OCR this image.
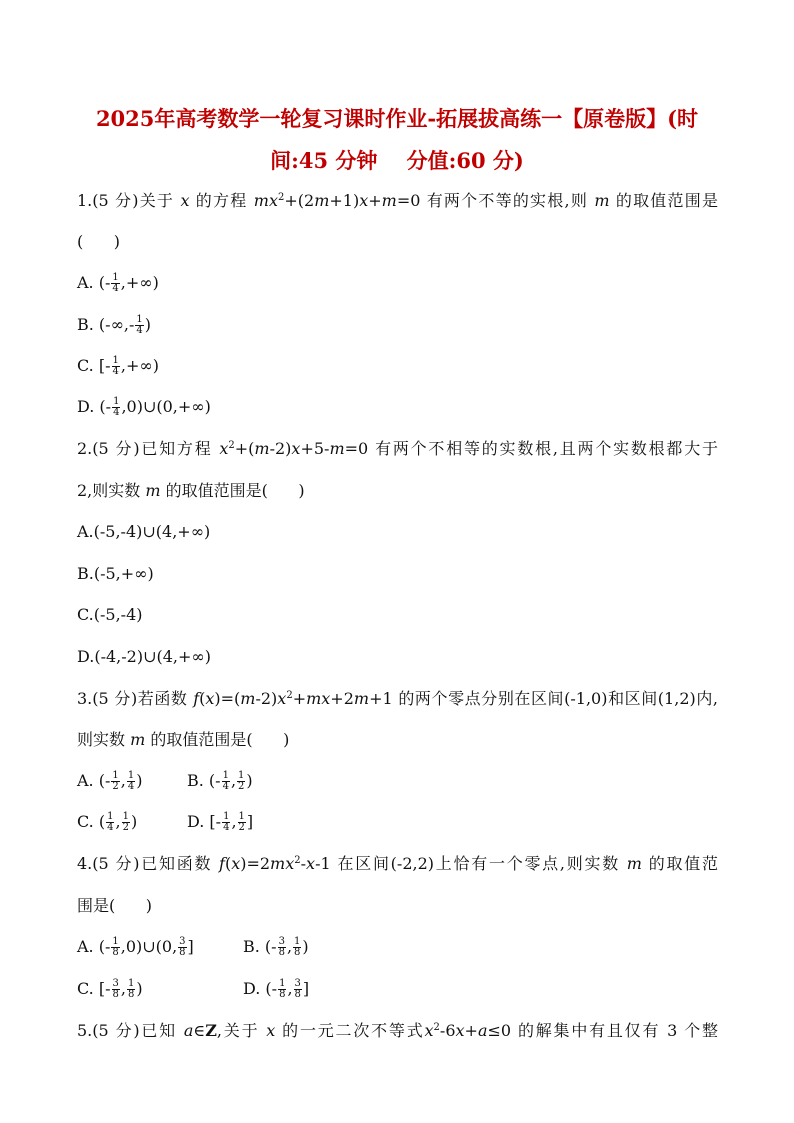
2025年高考数学一轮复习课时作业-拓展拔高练一【原卷版】(时
间:45 分钟    分值:60 分)
1.(5 分)关于 x 的方程 $mx^2+(2m+1)x+m=0$ 有两个不等的实根,则 m 的取值范围是
(      )
A. (- $\frac{1}{4}$ ,+∞)
B. (-∞,- $\frac{1}{4}$ )
C. [- $\frac{1}{4}$ ,+∞)
D. (- $\frac{1}{4}$ ,0)∪(0,+∞)
2.(5 分)已知方程 $x^2+(m-2)x+5-m=0$ 有两个不相等的实数根,且两个实数根都大于
2,则实数 m 的取值范围是(      )
A.(-5,-4)∪(4,+∞)
B.(-5,+∞)
C.(-5,-4)
D.(-4,-2)∪(4,+∞)
3.(5 分)若函数 $f(x)=(m-2)x^2+mx+2m+1$ 的两个零点分别在区间(-1,0)和区间(1,2)内,
则实数 m 的取值范围是(      )
A. (- $\frac{1}{2}$ , $\frac{1}{4}$ )	B. (- $\frac{1}{4}$ , $\frac{1}{2}$ )
C. ( $\frac{1}{4}$ , $\frac{1}{2}$ )	D. [- $\frac{1}{4}$ , $\frac{1}{2}$ ]
4.(5 分)已知函数 $f(x)=2mx^2-x-1$ 在区间(-2,2)上恰有一个零点,则实数 m 的取值范
围是(      )
A. (- $\frac{1}{8}$ ,0)∪(0, $\frac{3}{8}$ ]	B. (- $\frac{3}{8}$ , $\frac{1}{8}$ )
C. [- $\frac{3}{8}$ , $\frac{1}{8}$ )	D. (- $\frac{1}{8}$ , $\frac{3}{8}$ ]
5.(5 分)已知 a∈Z,关于 x 的一元二次不等式$x^2-6x+a\le 0$ 的解集中有且仅有 3 个整
